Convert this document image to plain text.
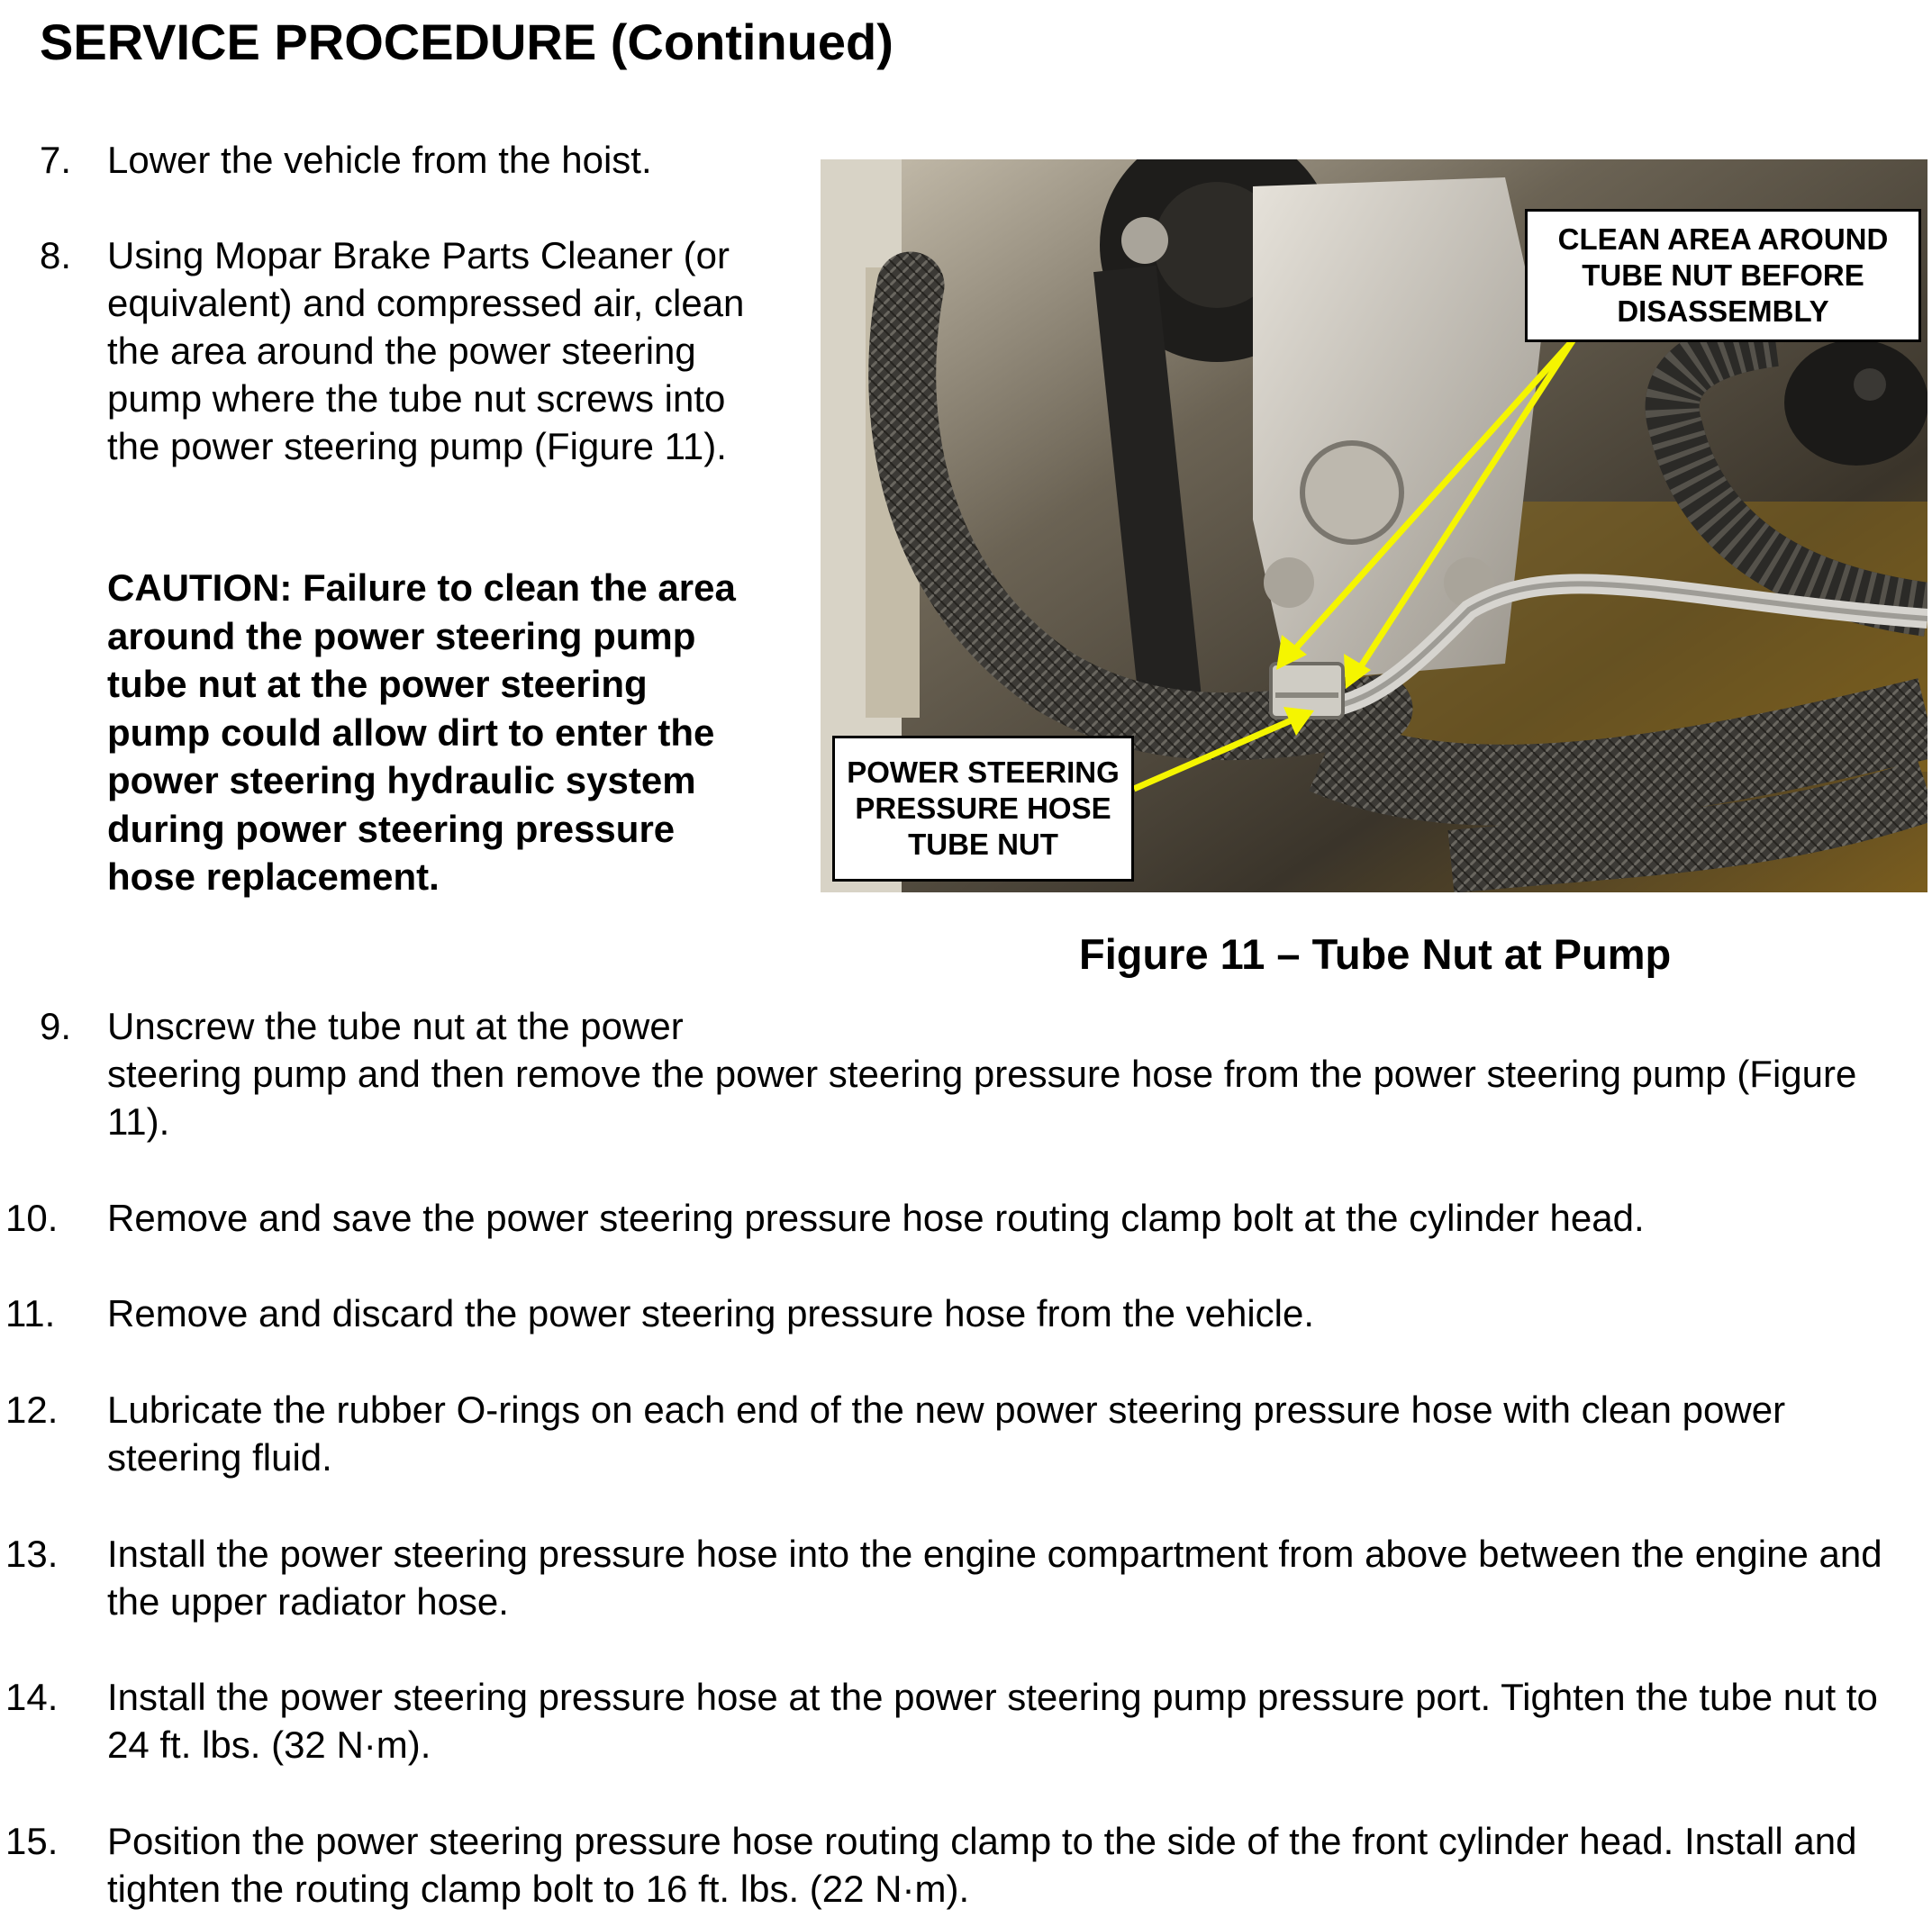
SERVICE PROCEDURE (Continued)
7. Lower the vehicle from the hoist.
8. Using Mopar Brake Parts Cleaner (or equivalent) and compressed air, clean the area around the power steering pump where the tube nut screws into the power steering pump (Figure 11).
CAUTION: Failure to clean the area around the power steering pump tube nut at the power steering pump could allow dirt to enter the power steering hydraulic system during power steering pressure hose replacement.
CLEAN AREA AROUND
TUBE NUT BEFORE
DISASSEMBLY
POWER STEERING
PRESSURE HOSE
TUBE NUT
Figure 11 – Tube Nut at Pump
9. Unscrew the tube nut at the power
steering pump and then remove the power steering pressure hose from the power steering pump (Figure 11).
10. Remove and save the power steering pressure hose routing clamp bolt at the cylinder head.
11. Remove and discard the power steering pressure hose from the vehicle.
12. Lubricate the rubber O-rings on each end of the new power steering pressure hose with clean power steering fluid.
13. Install the power steering pressure hose into the engine compartment from above between the engine and the upper radiator hose.
14. Install the power steering pressure hose at the power steering pump pressure port. Tighten the tube nut to 24 ft. lbs. (32 N·m).
15. Position the power steering pressure hose routing clamp to the side of the front cylinder head. Install and tighten the routing clamp bolt to 16 ft. lbs. (22 N·m).
